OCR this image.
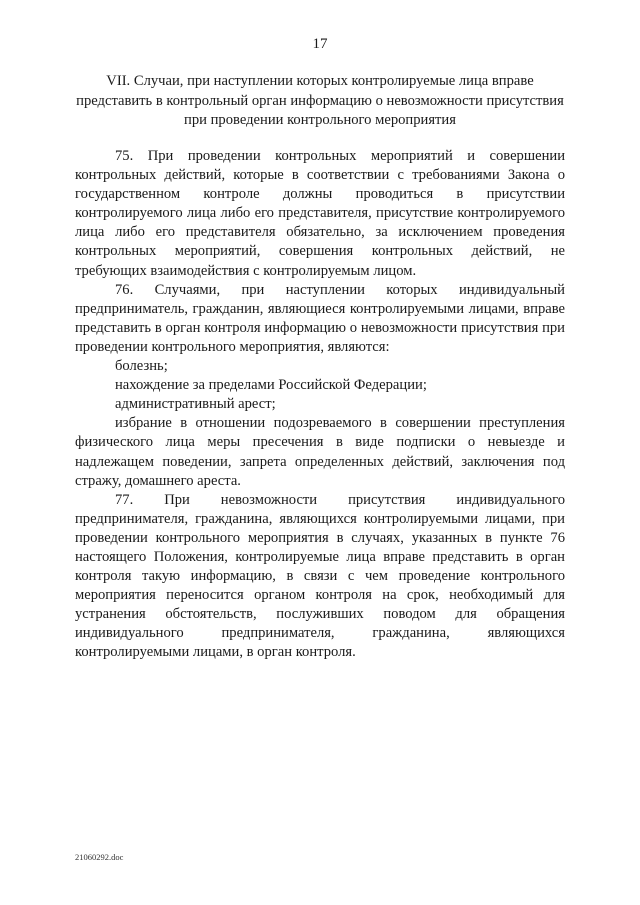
17
VII. Случаи, при наступлении которых контролируемые лица вправе представить в контрольный орган информацию о невозможности присутствия при проведении контрольного мероприятия

75. При проведении контрольных мероприятий и совершении контрольных действий, которые в соответствии с требованиями Закона о государственном контроле должны проводиться в присутствии контролируемого лица либо его представителя, присутствие контролируемого лица либо его представителя обязательно, за исключением проведения контрольных мероприятий, совершения контрольных действий, не требующих взаимодействия с контролируемым лицом.

76. Случаями, при наступлении которых индивидуальный предприниматель, гражданин, являющиеся контролируемыми лицами, вправе представить в орган контроля информацию о невозможности присутствия при проведении контрольного мероприятия, являются:

болезнь;

нахождение за пределами Российской Федерации;

административный арест;

избрание в отношении подозреваемого в совершении преступления физического лица меры пресечения в виде подписки о невыезде и надлежащем поведении, запрета определенных действий, заключения под стражу, домашнего ареста.

77. При невозможности присутствия индивидуального предпринимателя, гражданина, являющихся контролируемыми лицами, при проведении контрольного мероприятия в случаях, указанных в пункте 76 настоящего Положения, контролируемые лица вправе представить в орган контроля такую информацию, в связи с чем проведение контрольного мероприятия переносится органом контроля на срок, необходимый для устранения обстоятельств, послуживших поводом для обращения индивидуального предпринимателя, гражданина, являющихся контролируемыми лицами, в орган контроля.

21060292.doc
